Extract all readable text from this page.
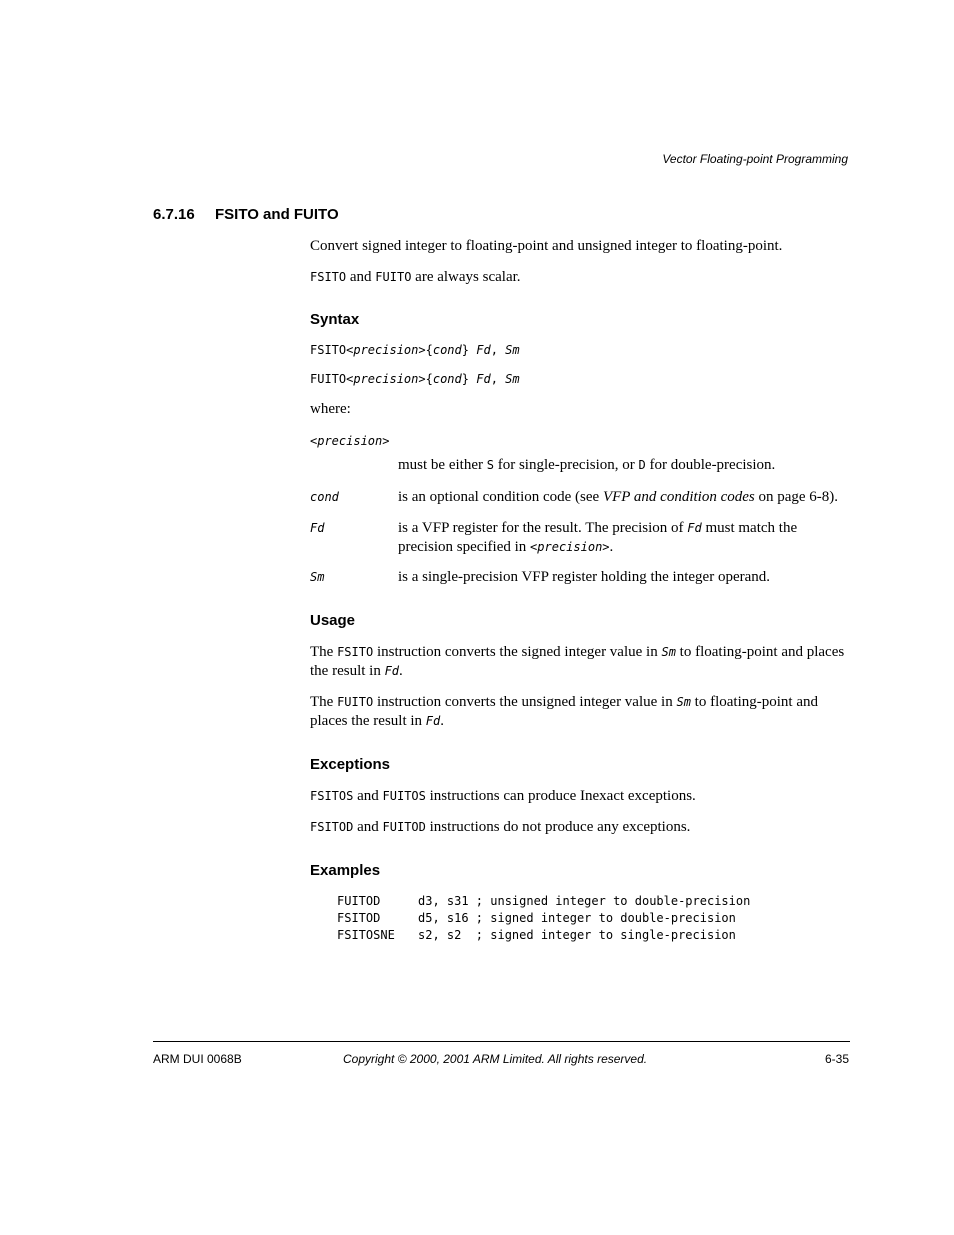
Vector Floating-point Programming
6.7.16 FSITO and FUITO

Convert signed integer to floating-point and unsigned integer to floating-point.

FSITO and FUITO are always scalar.

Syntax
FSITO<precision>{cond} Fd, Sm
FUITO<precision>{cond} Fd, Sm
where:
<precision>
must be either S for single-precision, or D for double-precision.
cond	is an optional condition code (see VFP and condition codes on page 6-8).
Fd	is a VFP register for the result. The precision of Fd must match the precision specified in <precision>.
Sm	is a single-precision VFP register holding the integer operand.
Usage
The FSITO instruction converts the signed integer value in Sm to floating-point and places the result in Fd.
The FUITO instruction converts the unsigned integer value in Sm to floating-point and places the result in Fd.
Exceptions
FSITOS and FUITOS instructions can produce Inexact exceptions.
FSITOD and FUITOD instructions do not produce any exceptions.
Examples
FUITOD	d3, s31 ; unsigned integer to double-precision
FSITOD	d5, s16 ; signed integer to double-precision
FSITOSNE s2, s2  ; signed integer to single-precision
ARM DUI 0068B	Copyright © 2000, 2001 ARM Limited. All rights reserved.	6-35
